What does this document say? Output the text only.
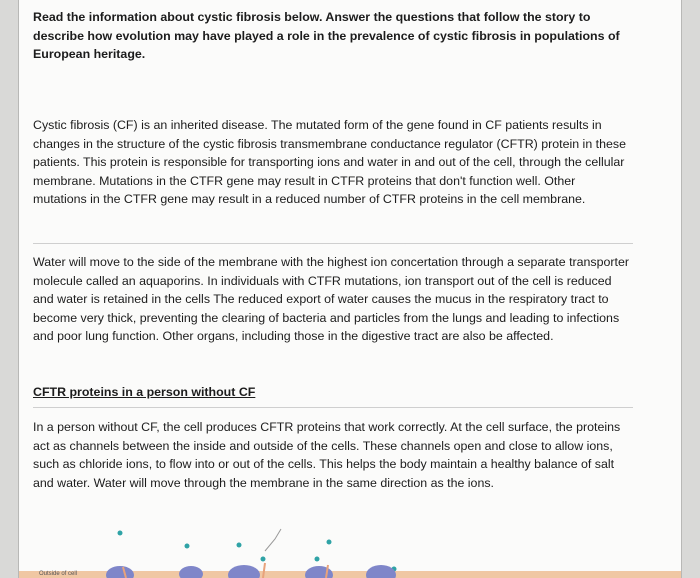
Read the information about cystic fibrosis below. Answer the questions that follow the story to describe how evolution may have played a role in the prevalence of cystic fibrosis in populations of European heritage.

Cystic fibrosis (CF) is an inherited disease. The mutated form of the gene found in CF patients results in changes in the structure of the cystic fibrosis transmembrane conductance regulator (CFTR) protein in these patients. This protein is responsible for transporting ions and water in and out of the cell, through the cellular membrane. Mutations in the CTFR gene may result in CTFR proteins that don't function well. Other mutations in the CTFR gene may result in a reduced number of CTFR proteins in the cell membrane.

Water will move to the side of the membrane with the highest ion concertation through a separate transporter molecule called an aquaporins. In individuals with CTFR mutations, ion transport out of the cell is reduced and water is retained in the cells The reduced export of water causes the mucus in the respiratory tract to become very thick, preventing the clearing of bacteria and particles from the lungs and leading to infections and poor lung function. Other organs, including those in the digestive tract are also be affected.

CFTR proteins in a person without CF

In a person without CF, the cell produces CFTR proteins that work correctly. At the cell surface, the proteins act as channels between the inside and outside of the cells. These channels open and close to allow ions, such as chloride ions, to flow into or out of the cells. This helps the body maintain a healthy balance of salt and water. Water will move through the membrane in the same direction as the ions.

Outside of cell
